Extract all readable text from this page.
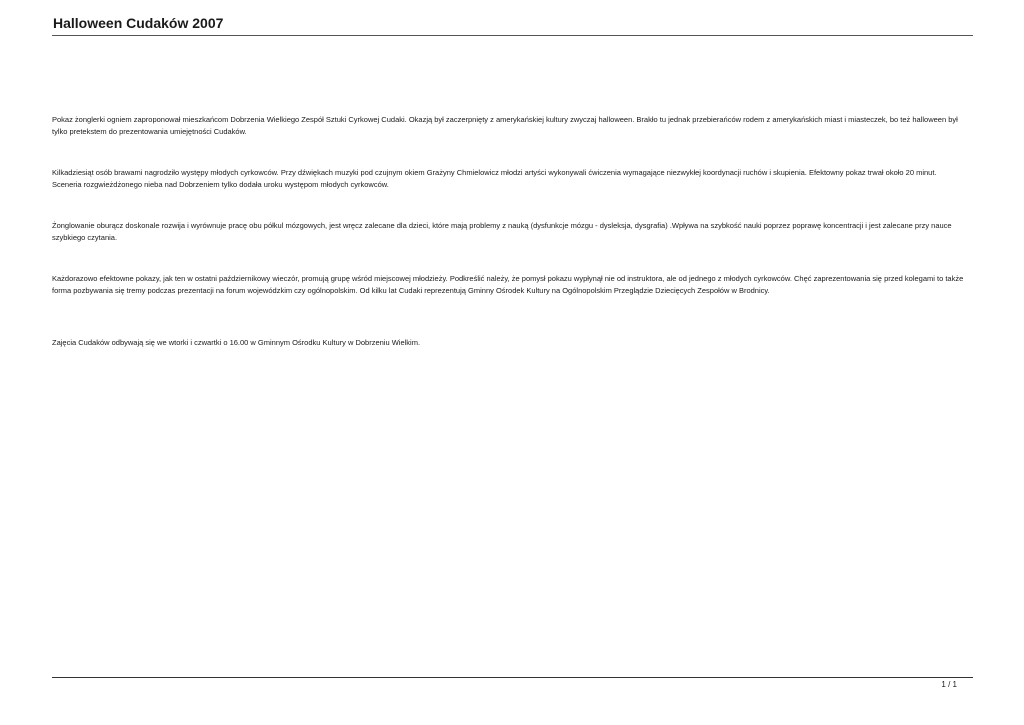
Halloween Cudaków 2007

Pokaz żonglerki ogniem zaproponował mieszkańcom Dobrzenia Wielkiego Zespół Sztuki Cyrkowej Cudaki. Okazją był zaczerpnięty z amerykańskiej kultury zwyczaj halloween. Brakło tu jednak przebierańców rodem z amerykańskich miast i miasteczek, bo też halloween był tylko pretekstem do prezentowania umiejętności Cudaków.

Kilkadziesiąt osób brawami nagrodziło występy młodych cyrkowców. Przy dźwiękach muzyki pod czujnym okiem Grażyny Chmielowicz młodzi artyści wykonywali ćwiczenia wymagające niezwykłej koordynacji ruchów i skupienia. Efektowny pokaz trwał około 20 minut. Sceneria rozgwieżdżonego nieba nad Dobrzeniem tylko dodała uroku występom młodych cyrkowców.

Żonglowanie oburącz doskonale rozwija i wyrównuje pracę obu półkul mózgowych, jest wręcz zalecane dla dzieci, które mają problemy z nauką (dysfunkcje mózgu - dysleksja, dysgrafia) .Wpływa na szybkość nauki poprzez poprawę koncentracji i jest zalecane przy nauce szybkiego czytania.

Każdorazowo efektowne pokazy, jak ten w ostatni październikowy wieczór, promują grupę wśród miejscowej młodzieży. Podkreślić należy, że pomysł pokazu wypłynął nie od instruktora, ale od jednego z młodych cyrkowców. Chęć zaprezentowania się przed kolegami to także forma pozbywania się tremy podczas prezentacji na forum wojewódzkim czy ogólnopolskim. Od kilku lat Cudaki reprezentują Gminny Ośrodek Kultury na Ogólnopolskim Przeglądzie Dziecięcych Zespołów w Brodnicy.

Zajęcia Cudaków odbywają się we wtorki i czwartki o 16.00 w Gminnym Ośrodku Kultury w Dobrzeniu Wielkim.

1 / 1
